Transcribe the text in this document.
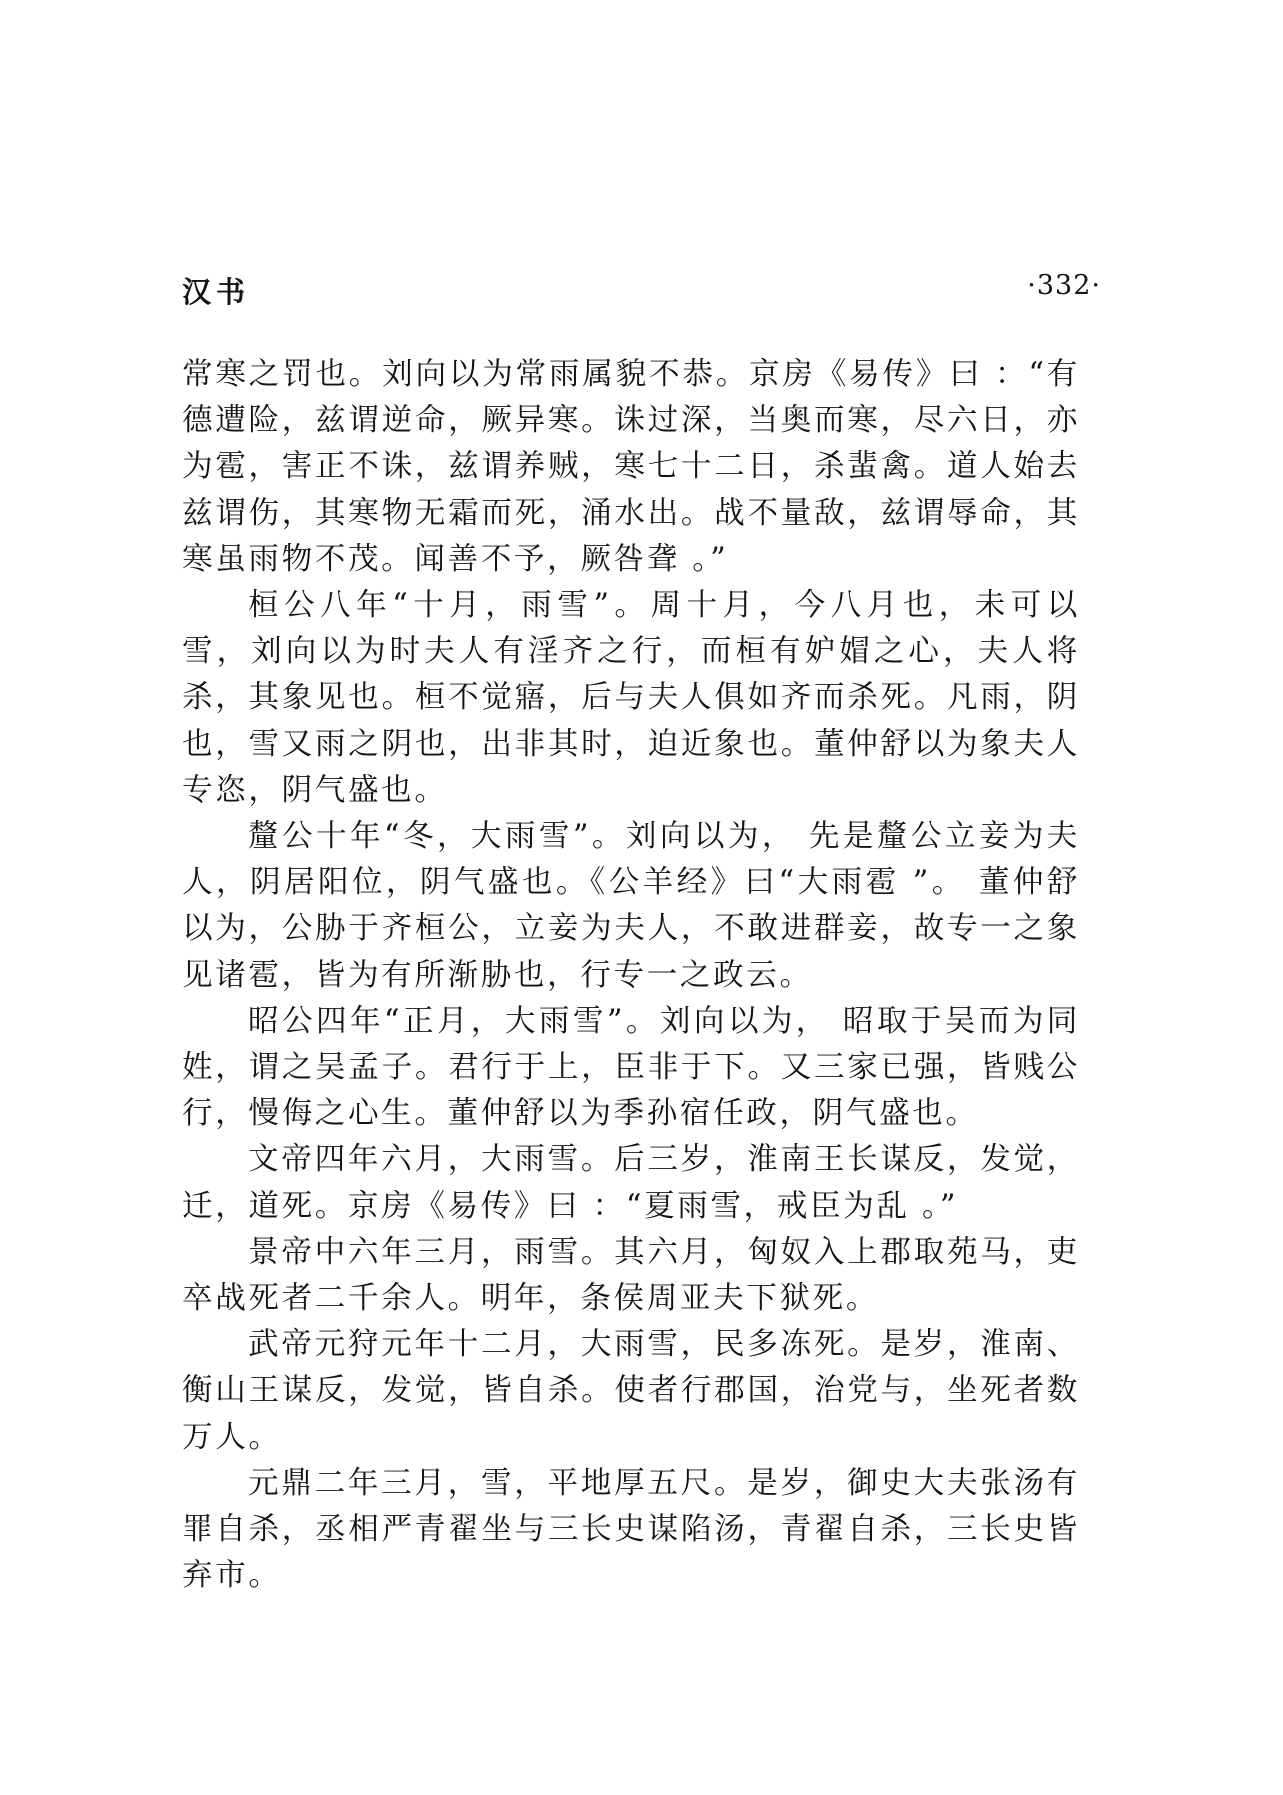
汉书	·332·

常寒之罚也。刘向以为常雨属貌不恭。京房《易传》曰 ：“有德遭险，兹谓逆命，厥异寒。诛过深，当奥而寒，尽六日，亦为雹，害正不诛，兹谓养贼，寒七十二日，杀蜚禽。道人始去兹谓伤，其寒物无霜而死，涌水出。战不量敌，兹谓辱命，其寒虽雨物不茂。闻善不予，厥咎聋 。”

桓公八年“十月，雨雪”。周十月，今八月也，未可以雪，刘向以为时夫人有淫齐之行，而桓有妒媢之心，夫人将杀，其象见也。桓不觉寤，后与夫人俱如齐而杀死。凡雨，阴也，雪又雨之阴也，出非其时，迫近象也。董仲舒以为象夫人专恣，阴气盛也。

釐公十年“冬，大雨雪”。刘向以为， 先是釐公立妾为夫人，阴居阳位，阴气盛也。《公羊经》曰“大雨雹 ”。 董仲舒以为，公胁于齐桓公，立妾为夫人，不敢进群妾，故专一之象见诸雹，皆为有所渐胁也，行专一之政云。

昭公四年“正月，大雨雪”。刘向以为， 昭取于吴而为同姓，谓之吴孟子。君行于上，臣非于下。又三家已强，皆贱公行，慢侮之心生。董仲舒以为季孙宿任政，阴气盛也。

文帝四年六月，大雨雪。后三岁，淮南王长谋反，发觉，迁，道死。京房《易传》曰 ：“夏雨雪，戒臣为乱 。”

景帝中六年三月，雨雪。其六月，匈奴入上郡取苑马，吏卒战死者二千余人。明年，条侯周亚夫下狱死。

武帝元狩元年十二月，大雨雪，民多冻死。是岁，淮南、衡山王谋反，发觉，皆自杀。使者行郡国，治党与，坐死者数万人。

元鼎二年三月，雪，平地厚五尺。是岁，御史大夫张汤有罪自杀，丞相严青翟坐与三长史谋陷汤，青翟自杀，三长史皆弃市。
